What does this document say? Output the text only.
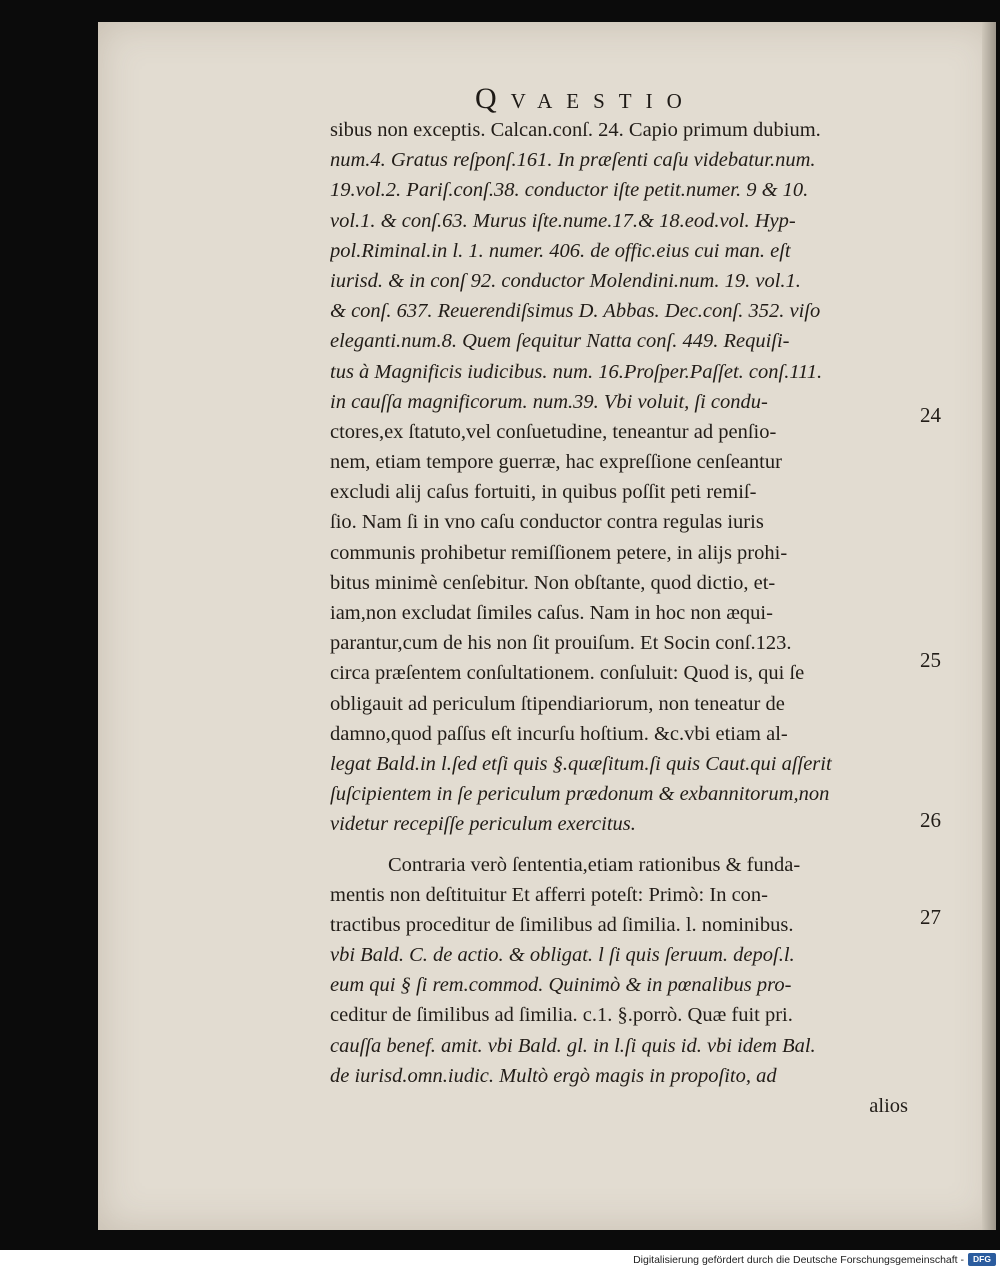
Qvaestio
sibus non exceptis. Calcan.conſ. 24. Capio primum dubium.
num.4. Gratus reſponſ.161. In præſenti caſu videbatur.num.
19.vol.2. Pariſ.conſ.38. conductor iſte petit.numer. 9 & 10.
vol.1. & conſ.63. Murus iſte.nume.17.& 18.eod.vol. Hyp-
pol.Riminal.in l. 1. numer. 406. de offic.eius cui man. eſt
iurisd. & in conſ 92. conductor Molendini.num. 19. vol.1.
& conſ. 637. Reuerendiſsimus D. Abbas. Dec.conſ. 352. viſo
eleganti.num.8. Quem ſequitur Natta conſ. 449. Requiſi-
tus à Magnificis iudicibus. num. 16.Proſper.Paſſet. conſ.111.
in cauſſa magnificorum. num.39. Vbi voluit, ſi condu-
ctores,ex ſtatuto,vel conſuetudine, teneantur ad penſio-
nem, etiam tempore guerræ, hac expreſſione cenſeantur
excludi alij caſus fortuiti, in quibus poſſit peti remiſ-
ſio. Nam ſi in vno caſu conductor contra regulas iuris
communis prohibetur remiſſionem petere, in alijs prohi-
bitus minimè cenſebitur. Non obſtante, quod dictio, et-
iam,non excludat ſimiles caſus. Nam in hoc non æqui-
parantur,cum de his non ſit prouiſum. Et Socin conſ.123.
circa præſentem conſultationem. conſuluit: Quod is, qui ſe
obligauit ad periculum ſtipendiariorum, non teneatur de
damno,quod paſſus eſt incurſu hoſtium. &c.vbi etiam al-
legat Bald.in l.ſed etſi quis §.quæſitum.ſi quis Caut.qui aſſerit
ſuſcipientem in ſe periculum prædonum & exbannitorum,non
videtur recepiſſe periculum exercitus.
Contraria verò ſententia,etiam rationibus & funda-
mentis non deſtituitur Et afferri poteſt: Primò: In con-
tractibus proceditur de ſimilibus ad ſimilia. l. nominibus.
vbi Bald. C. de actio. & obligat. l ſi quis ſeruum. depoſ.l.
eum qui § ſi rem.commod. Quinimò & in pœnalibus pro-
ceditur de ſimilibus ad ſimilia. c.1. §.porrò. Quæ fuit pri.
cauſſa benef. amit. vbi Bald. gl. in l.ſi quis id. vbi idem Bal.
de iurisd.omn.iudic. Multò ergò magis in propoſito, ad
alios
24
25
26
27
Digitalisierung gefördert durch die Deutsche Forschungsgemeinschaft -	DFG
